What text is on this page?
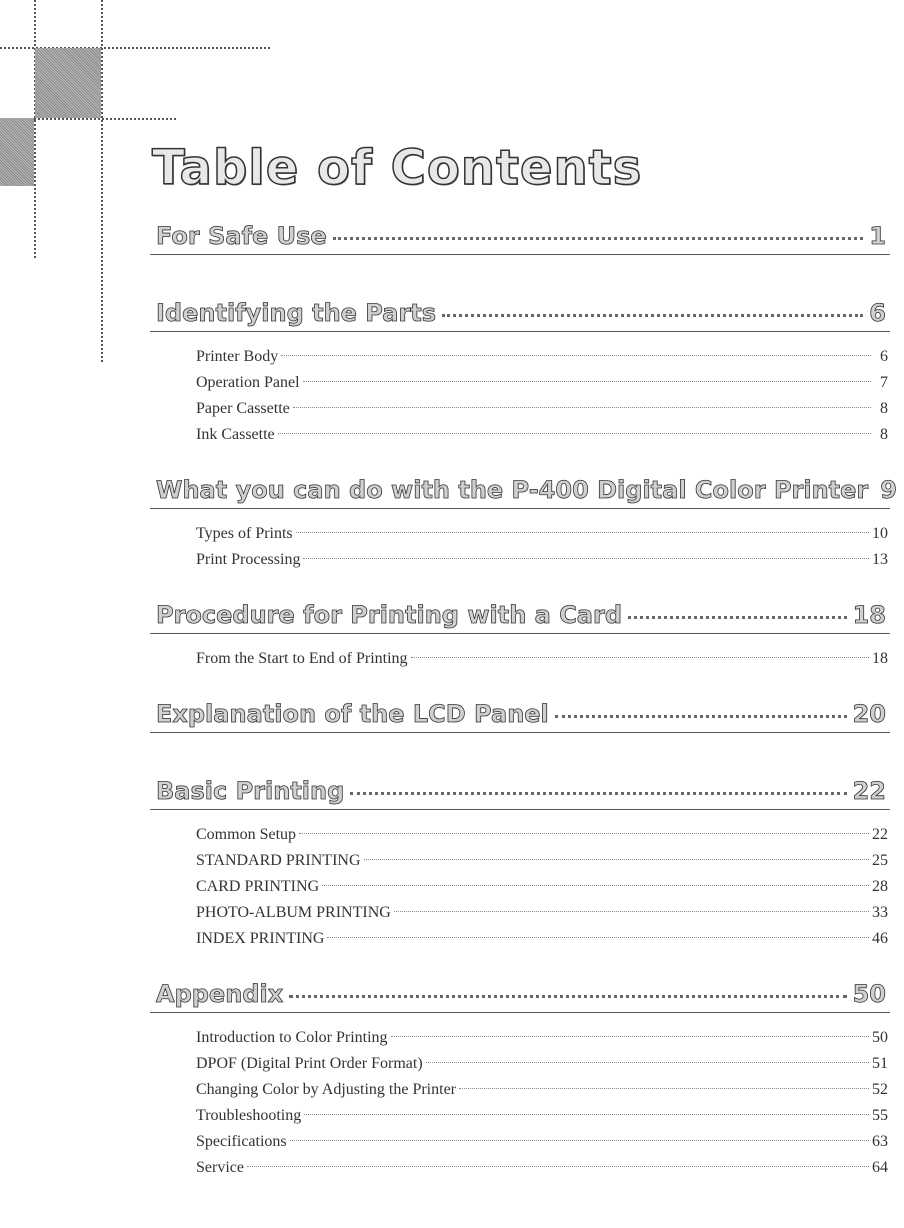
Table of Contents
For Safe Use	1
Identifying the Parts	6
Printer Body	6
Operation Panel	7
Paper Cassette	8
Ink Cassette	8
What you can do with the P-400 Digital Color Printer 9
Types of Prints	10
Print Processing	13
Procedure for Printing with a Card	18
From the Start to End of Printing	18
Explanation of the LCD Panel	20
Basic Printing	22
Common Setup	22
STANDARD PRINTING	25
CARD PRINTING	28
PHOTO-ALBUM PRINTING	33
INDEX PRINTING	46
Appendix	50
Introduction to Color Printing	50
DPOF (Digital Print Order Format)	51
Changing Color by Adjusting the Printer	52
Troubleshooting	55
Specifications	63
Service	64
